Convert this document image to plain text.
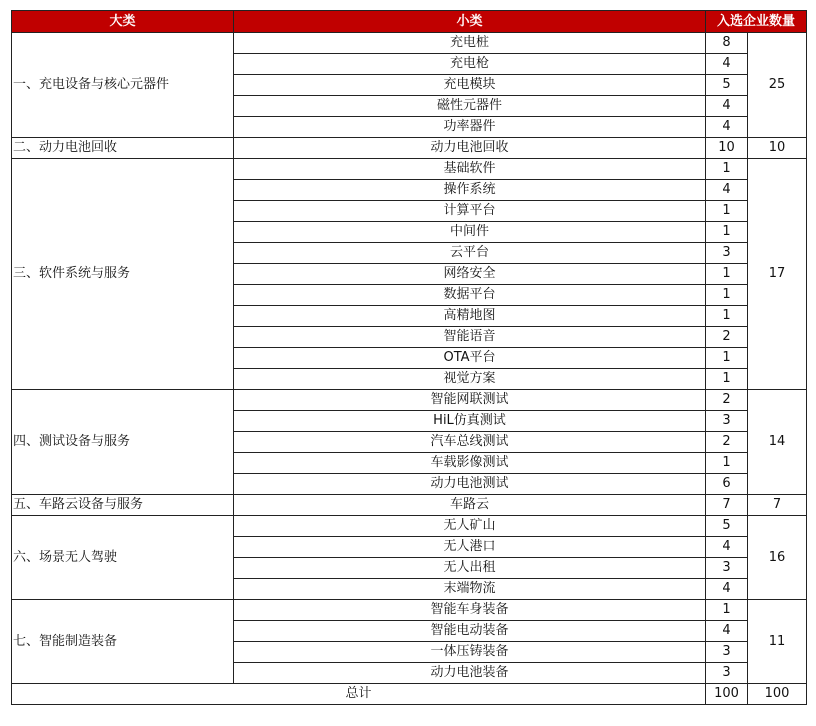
大类	小类	入选企业数量	
一、充电设备与核心元器件	充电桩	8	25
	充电枪	4	
	充电模块	5	
	磁性元器件	4	
	功率器件	4	
二、动力电池回收	动力电池回收	10	10
三、软件系统与服务	基础软件	1	17
	操作系统	4	
	计算平台	1	
	中间件	1	
	云平台	3	
	网络安全	1	
	数据平台	1	
	高精地图	1	
	智能语音	2	
	OTA平台	1	
	视觉方案	1	
四、测试设备与服务	智能网联测试	2	14
	HiL仿真测试	3	
	汽车总线测试	2	
	车载影像测试	1	
	动力电池测试	6	
五、车路云设备与服务	车路云	7	7
六、场景无人驾驶	无人矿山	5	16
	无人港口	4	
	无人出租	3	
	末端物流	4	
七、智能制造装备	智能车身装备	1	11
	智能电动装备	4	
	一体压铸装备	3	
	动力电池装备	3	
总计		100	100
